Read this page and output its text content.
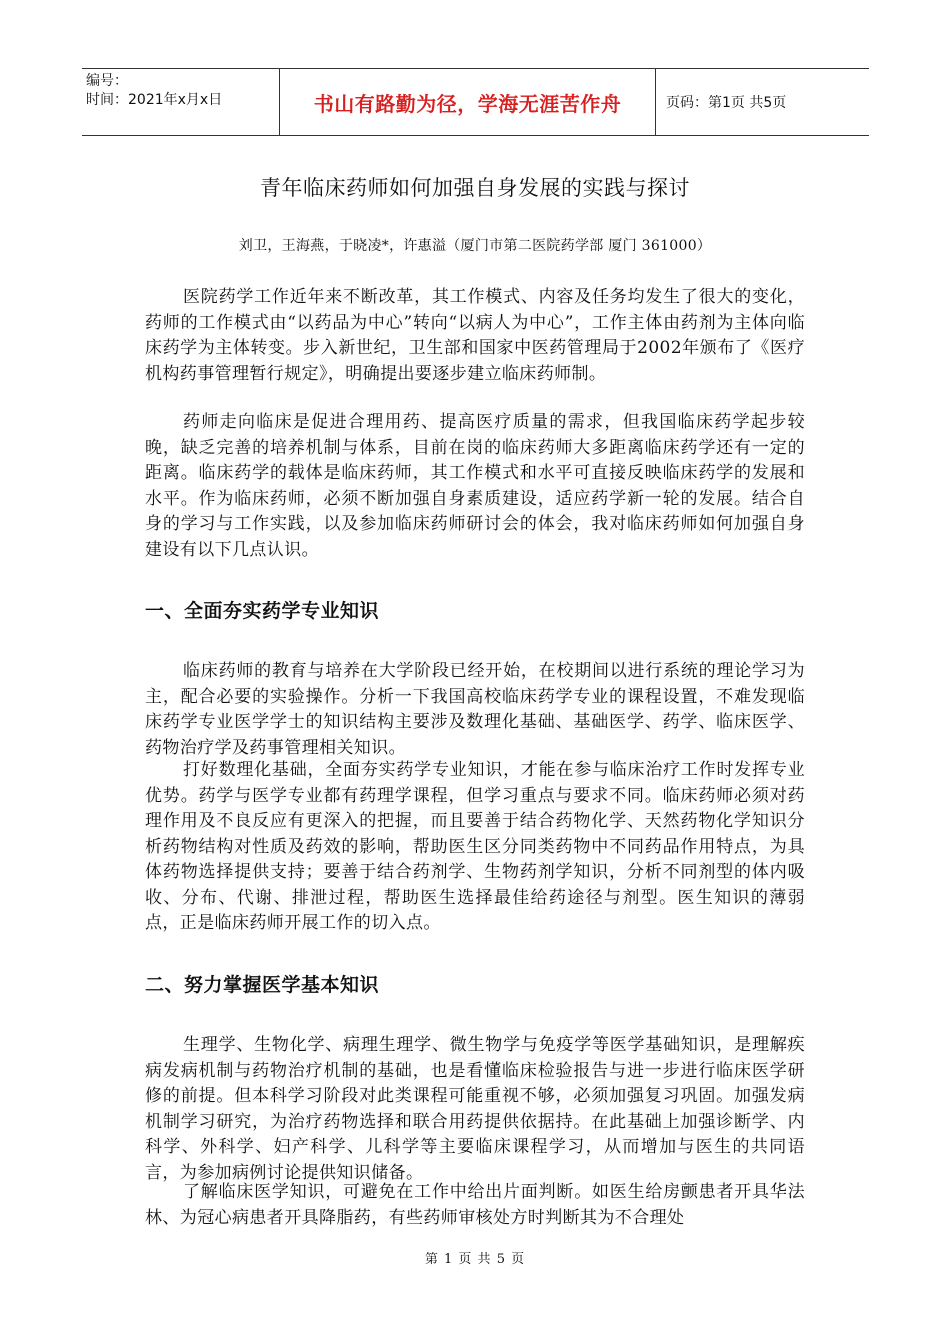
编号：
时间：2021年x月x日	书山有路勤为径，学海无涯苦作舟	页码：第1页 共5页
青年临床药师如何加强自身发展的实践与探讨
刘卫，王海燕，于晓凌*，许惠溢（厦门市第二医院药学部 厦门 361000）
医院药学工作近年来不断改革，其工作模式、内容及任务均发生了很大的变化，药师的工作模式由“以药品为中心”转向“以病人为中心”，工作主体由药剂为主体向临床药学为主体转变。步入新世纪，卫生部和国家中医药管理局于2002年颁布了《医疗机构药事管理暂行规定》，明确提出要逐步建立临床药师制。
药师走向临床是促进合理用药、提高医疗质量的需求，但我国临床药学起步较晚，缺乏完善的培养机制与体系，目前在岗的临床药师大多距离临床药学还有一定的距离。临床药学的载体是临床药师，其工作模式和水平可直接反映临床药学的发展和水平。作为临床药师，必须不断加强自身素质建设，适应药学新一轮的发展。结合自身的学习与工作实践，以及参加临床药师研讨会的体会，我对临床药师如何加强自身建设有以下几点认识。
一、全面夯实药学专业知识
临床药师的教育与培养在大学阶段已经开始，在校期间以进行系统的理论学习为主，配合必要的实验操作。分析一下我国高校临床药学专业的课程设置，不难发现临床药学专业医学学士的知识结构主要涉及数理化基础、基础医学、药学、临床医学、药物治疗学及药事管理相关知识。
打好数理化基础，全面夯实药学专业知识，才能在参与临床治疗工作时发挥专业优势。药学与医学专业都有药理学课程，但学习重点与要求不同。临床药师必须对药理作用及不良反应有更深入的把握，而且要善于结合药物化学、天然药物化学知识分析药物结构对性质及药效的影响，帮助医生区分同类药物中不同药品作用特点，为具体药物选择提供支持；要善于结合药剂学、生物药剂学知识，分析不同剂型的体内吸收、分布、代谢、排泄过程，帮助医生选择最佳给药途径与剂型。医生知识的薄弱点，正是临床药师开展工作的切入点。
二、努力掌握医学基本知识
生理学、生物化学、病理生理学、微生物学与免疫学等医学基础知识，是理解疾病发病机制与药物治疗机制的基础，也是看懂临床检验报告与进一步进行临床医学研修的前提。但本科学习阶段对此类课程可能重视不够，必须加强复习巩固。加强发病机制学习研究，为治疗药物选择和联合用药提供依据持。在此基础上加强诊断学、内科学、外科学、妇产科学、儿科学等主要临床课程学习，从而增加与医生的共同语言，为参加病例讨论提供知识储备。
了解临床医学知识，可避免在工作中给出片面判断。如医生给房颤患者开具华法林、为冠心病患者开具降脂药，有些药师审核处方时判断其为不合理处
第 1 页 共 5 页
